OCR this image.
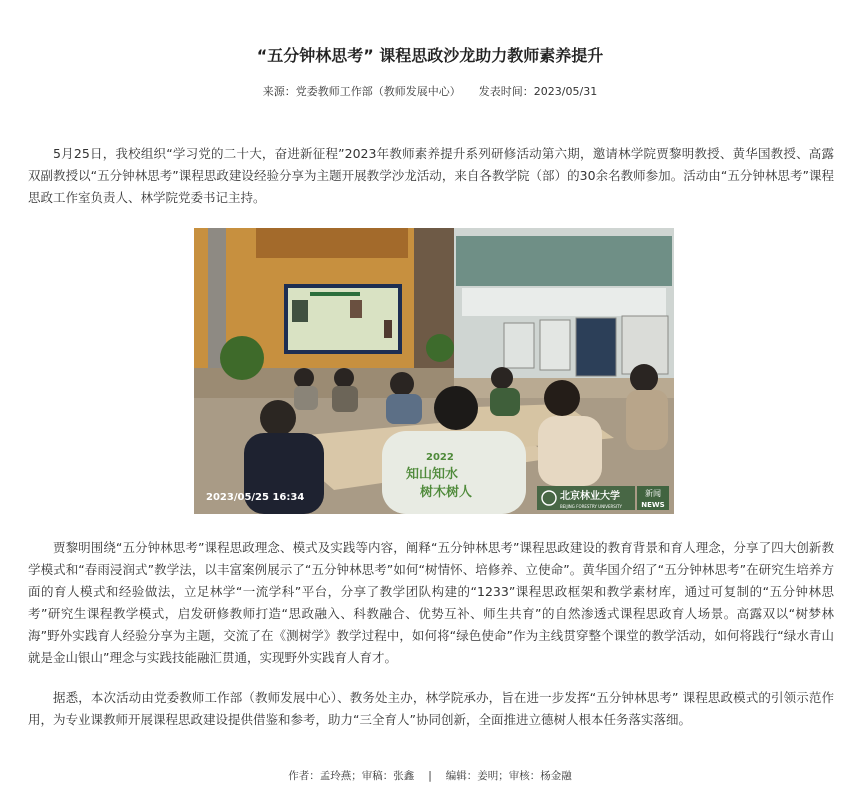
“五分钟林思考” 课程思政沙龙助力教师素养提升
来源：党委教师工作部（教师发展中心） 发表时间：2023/05/31

5月25日，我校组织“学习党的二十大，奋进新征程”2023年教师素养提升系列研修活动第六期，邀请林学院贾黎明教授、黄华国教授、高露双副教授以“五分钟林思考”课程思政建设经验分享为主题开展教学沙龙活动，来自各教学院（部）的30余名教师参加。活动由“五分钟林思考”课程思政工作室负责人、林学院党委书记主持。

2022
知山知水
树木树人
2023/05/25 16:34	北京林业大学
BEIJING FORESTRY UNIVERSITY
新闻
NEWS

贾黎明围绕“五分钟林思考”课程思政理念、模式及实践等内容，阐释“五分钟林思考”课程思政建设的教育背景和育人理念，分享了四大创新教学模式和“春雨浸润式”教学法，以丰富案例展示了“五分钟林思考”如何“树情怀、培修养、立使命”。黄华国介绍了“五分钟林思考”在研究生培养方面的育人模式和经验做法，立足林学“一流学科”平台，分享了教学团队构建的“1233”课程思政框架和教学素材库，通过可复制的“五分钟林思考”研究生课程教学模式，启发研修教师打造“思政融入、科教融合、优势互补、师生共育”的自然渗透式课程思政育人场景。高露双以“树梦林海”野外实践育人经验分享为主题，交流了在《测树学》教学过程中，如何将“绿色使命”作为主线贯穿整个课堂的教学活动，如何将践行“绿水青山就是金山银山”理念与实践技能融汇贯通，实现野外实践育人育才。

据悉，本次活动由党委教师工作部（教师发展中心）、教务处主办，林学院承办，旨在进一步发挥“五分钟林思考” 课程思政模式的引领示范作用，为专业课教师开展课程思政建设提供借鉴和参考，助力“三全育人”协同创新，全面推进立德树人根本任务落实落细。

作者：孟玲燕；审稿：张鑫 | 编辑：姜明；审核：杨金融
